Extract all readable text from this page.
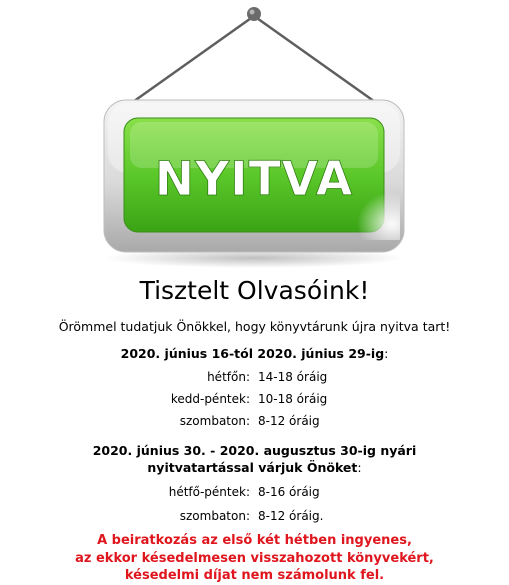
NYITVA
Tisztelt Olvasóink!
Örömmel tudatjuk Önökkel, hogy könyvtárunk újra nyitva tart!
2020. június 16-tól 2020. június 29-ig:
hétfőn: 14-18 óráig
kedd-péntek: 10-18 óráig
szombaton: 8-12 óráig
2020. június 30. - 2020. augusztus 30-ig nyári
nyitvatartással várjuk Önöket:
hétfő-péntek: 8-16 óráig
szombaton: 8-12 óráig.
A beiratkozás az első két hétben ingyenes,
az ekkor késedelmesen visszahozott könyvekért,
késedelmi díjat nem számolunk fel.
